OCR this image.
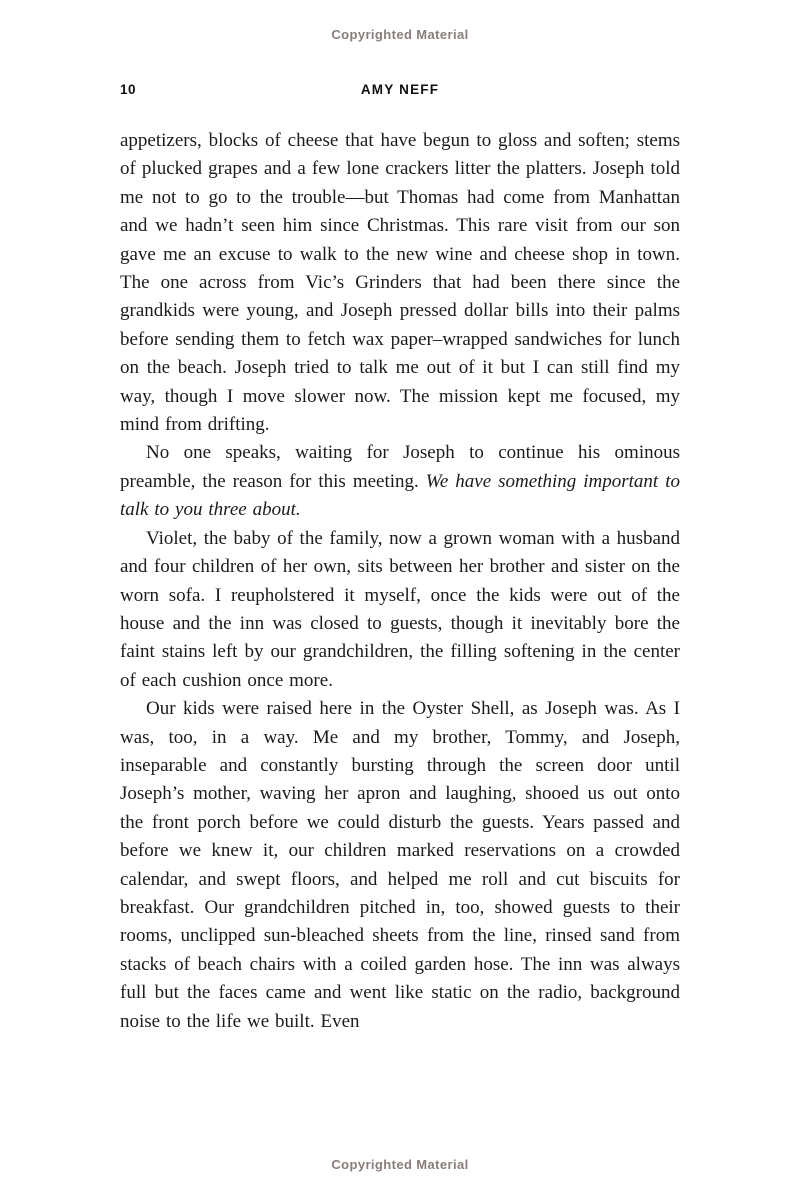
Copyrighted Material
10	AMY NEFF

appetizers, blocks of cheese that have begun to gloss and soften; stems of plucked grapes and a few lone crackers litter the platters. Joseph told me not to go to the trouble—but Thomas had come from Manhattan and we hadn’t seen him since Christmas. This rare visit from our son gave me an excuse to walk to the new wine and cheese shop in town. The one across from Vic’s Grinders that had been there since the grandkids were young, and Joseph pressed dollar bills into their palms before sending them to fetch wax paper–wrapped sandwiches for lunch on the beach. Joseph tried to talk me out of it but I can still find my way, though I move slower now. The mission kept me focused, my mind from drifting.

No one speaks, waiting for Joseph to continue his ominous preamble, the reason for this meeting. We have something important to talk to you three about.

Violet, the baby of the family, now a grown woman with a husband and four children of her own, sits between her brother and sister on the worn sofa. I reupholstered it myself, once the kids were out of the house and the inn was closed to guests, though it inevitably bore the faint stains left by our grandchildren, the filling softening in the center of each cushion once more.

Our kids were raised here in the Oyster Shell, as Joseph was. As I was, too, in a way. Me and my brother, Tommy, and Joseph, inseparable and constantly bursting through the screen door until Joseph’s mother, waving her apron and laughing, shooed us out onto the front porch before we could disturb the guests. Years passed and before we knew it, our children marked reservations on a crowded calendar, and swept floors, and helped me roll and cut biscuits for breakfast. Our grandchildren pitched in, too, showed guests to their rooms, unclipped sun-bleached sheets from the line, rinsed sand from stacks of beach chairs with a coiled garden hose. The inn was always full but the faces came and went like static on the radio, background noise to the life we built. Even

Copyrighted Material
